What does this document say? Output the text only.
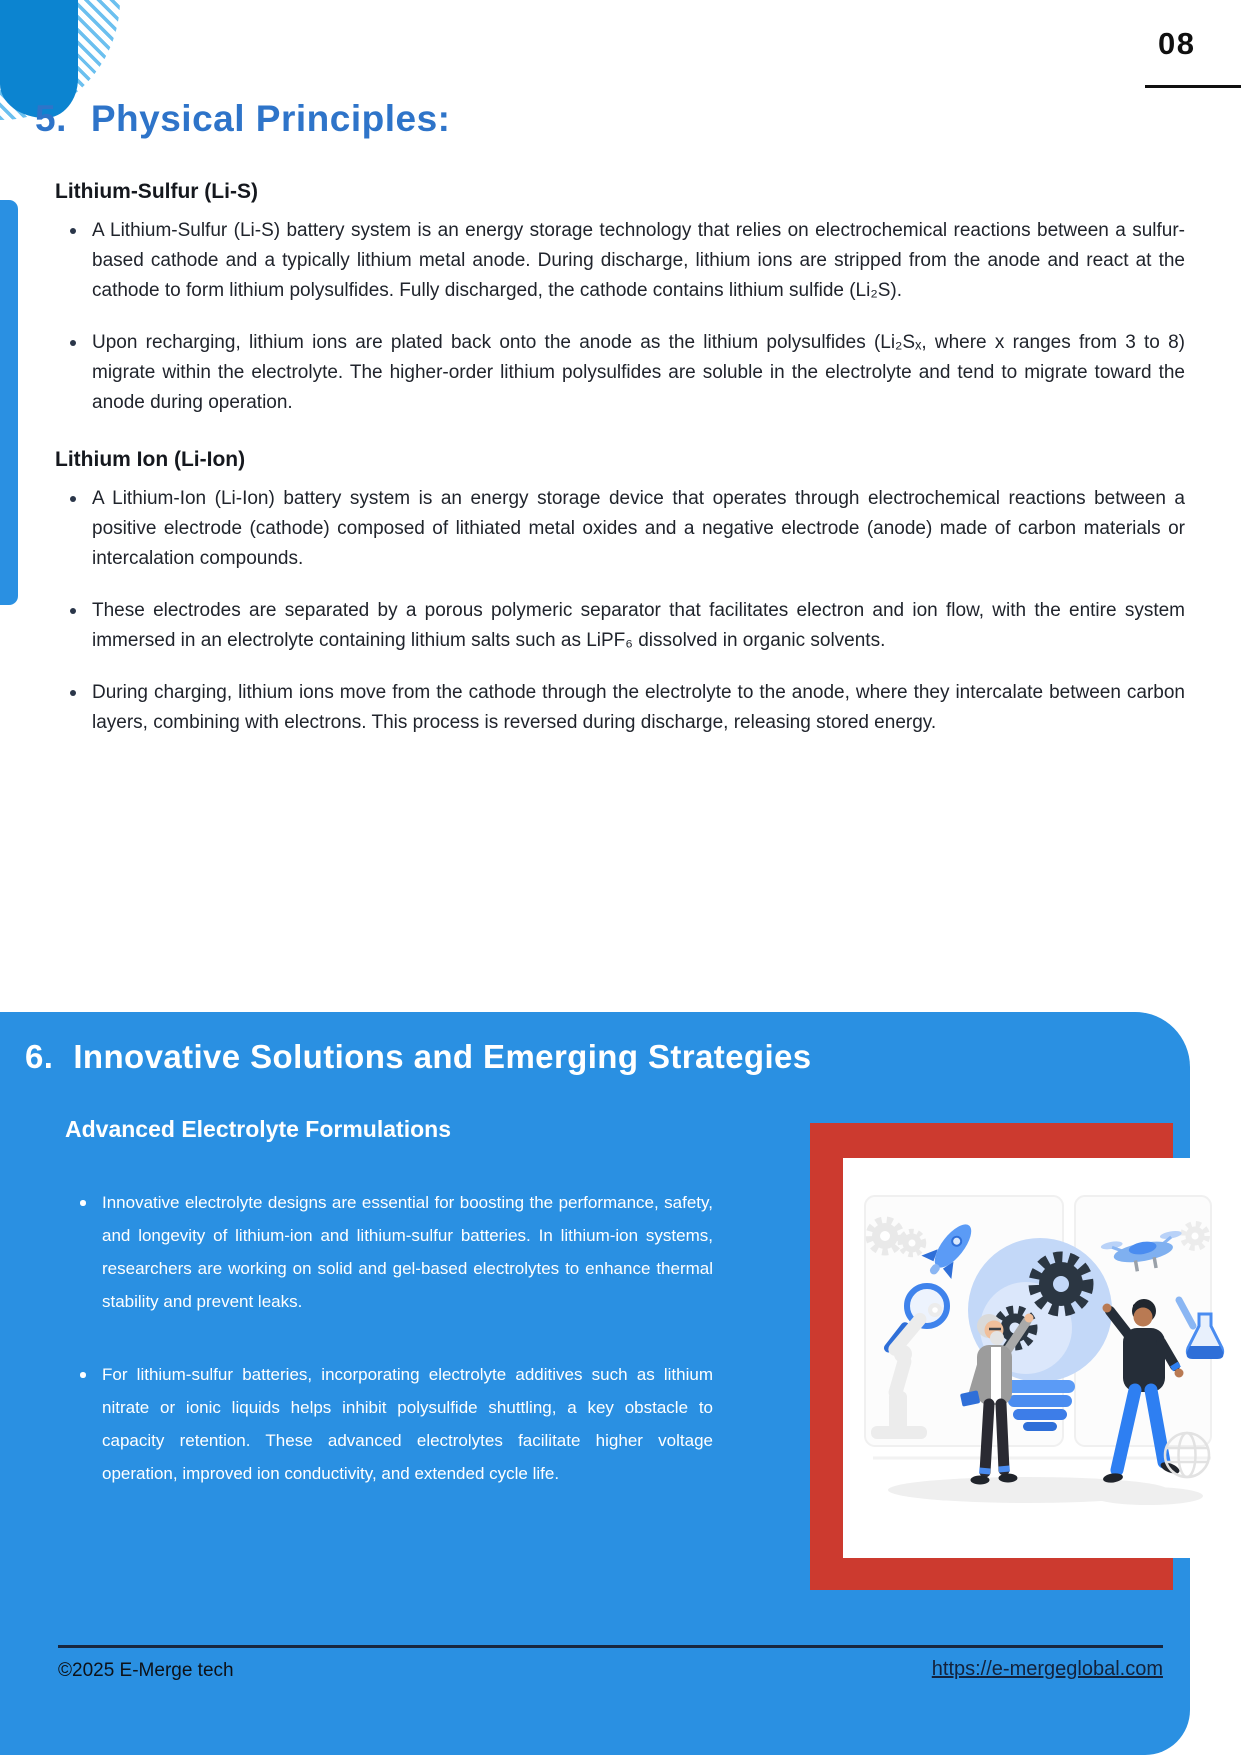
08
5. Physical Principles:
Lithium-Sulfur (Li-S)
A Lithium-Sulfur (Li-S) battery system is an energy storage technology that relies on electrochemical reactions between a sulfur-based cathode and a typically lithium metal anode. During discharge, lithium ions are stripped from the anode and react at the cathode to form lithium polysulfides. Fully discharged, the cathode contains lithium sulfide (Li₂S).
Upon recharging, lithium ions are plated back onto the anode as the lithium polysulfides (Li₂Sₓ, where x ranges from 3 to 8) migrate within the electrolyte. The higher-order lithium polysulfides are soluble in the electrolyte and tend to migrate toward the anode during operation.
Lithium Ion (Li-Ion)
A Lithium-Ion (Li-Ion) battery system is an energy storage device that operates through electrochemical reactions between a positive electrode (cathode) composed of lithiated metal oxides and a negative electrode (anode) made of carbon materials or intercalation compounds.
These electrodes are separated by a porous polymeric separator that facilitates electron and ion flow, with the entire system immersed in an electrolyte containing lithium salts such as LiPF₆ dissolved in organic solvents.
During charging, lithium ions move from the cathode through the electrolyte to the anode, where they intercalate between carbon layers, combining with electrons. This process is reversed during discharge, releasing stored energy.
6. Innovative Solutions and Emerging Strategies
Advanced Electrolyte Formulations
Innovative electrolyte designs are essential for boosting the performance, safety, and longevity of lithium-ion and lithium-sulfur batteries. In lithium-ion systems, researchers are working on solid and gel-based electrolytes to enhance thermal stability and prevent leaks.
For lithium-sulfur batteries, incorporating electrolyte additives such as lithium nitrate or ionic liquids helps inhibit polysulfide shuttling, a key obstacle to capacity retention. These advanced electrolytes facilitate higher voltage operation, improved ion conductivity, and extended cycle life.
©2025 E-Merge tech	https://e-mergeglobal.com
